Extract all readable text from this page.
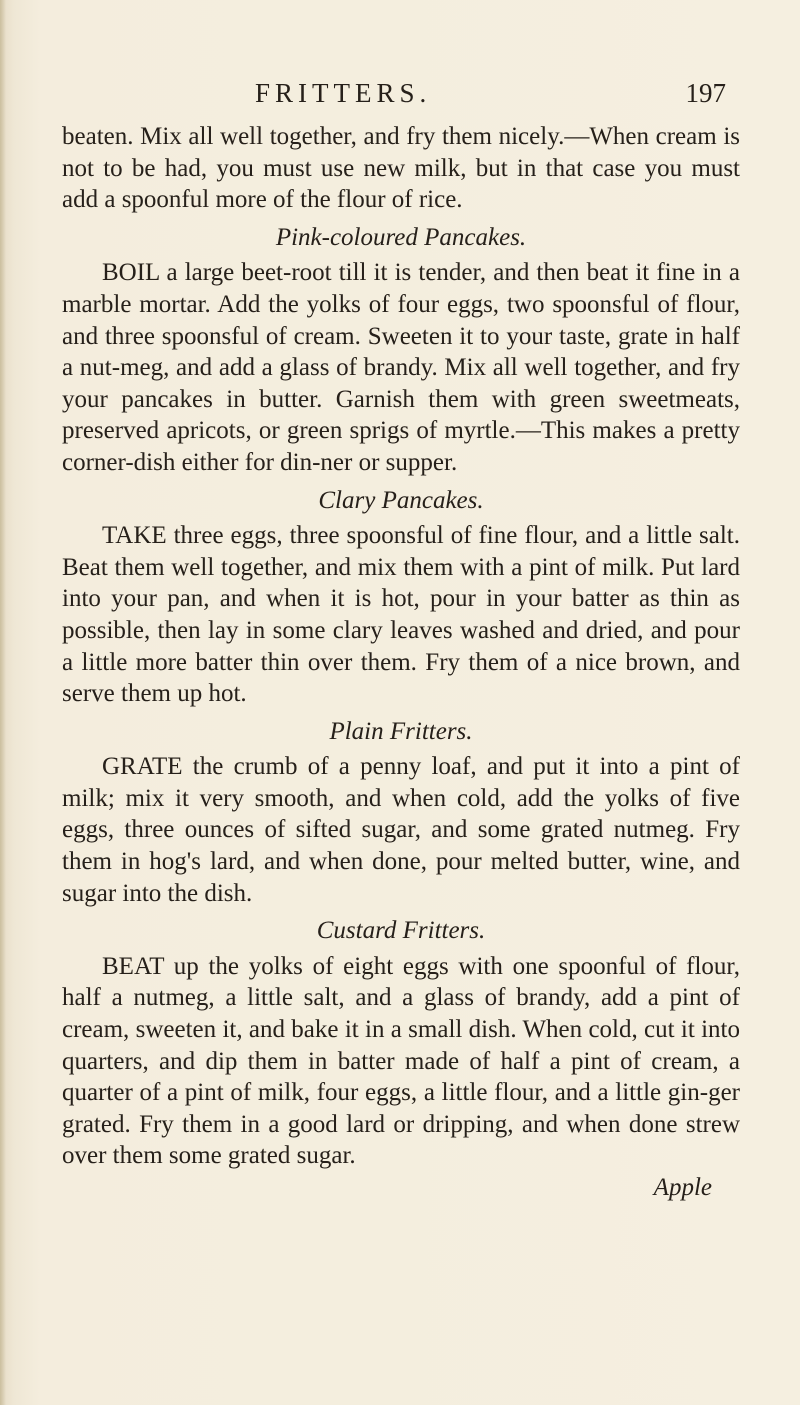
FRITTERS.	197

beaten. Mix all well together, and fry them nicely.—When cream is not to be had, you must use new milk, but in that case you must add a spoonful more of the flour of rice.

Pink-coloured Pancakes.

BOIL a large beet-root till it is tender, and then beat it fine in a marble mortar. Add the yolks of four eggs, two spoonsful of flour, and three spoonsful of cream. Sweeten it to your taste, grate in half a nut-meg, and add a glass of brandy. Mix all well together, and fry your pancakes in butter. Garnish them with green sweetmeats, preserved apricots, or green sprigs of myrtle.—This makes a pretty corner-dish either for din-ner or supper.

Clary Pancakes.

TAKE three eggs, three spoonsful of fine flour, and a little salt. Beat them well together, and mix them with a pint of milk. Put lard into your pan, and when it is hot, pour in your batter as thin as possible, then lay in some clary leaves washed and dried, and pour a little more batter thin over them. Fry them of a nice brown, and serve them up hot.

Plain Fritters.

GRATE the crumb of a penny loaf, and put it into a pint of milk; mix it very smooth, and when cold, add the yolks of five eggs, three ounces of sifted sugar, and some grated nutmeg. Fry them in hog's lard, and when done, pour melted butter, wine, and sugar into the dish.

Custard Fritters.

BEAT up the yolks of eight eggs with one spoonful of flour, half a nutmeg, a little salt, and a glass of brandy, add a pint of cream, sweeten it, and bake it in a small dish. When cold, cut it into quarters, and dip them in batter made of half a pint of cream, a quarter of a pint of milk, four eggs, a little flour, and a little gin-ger grated. Fry them in a good lard or dripping, and when done strew over them some grated sugar.

Apple
